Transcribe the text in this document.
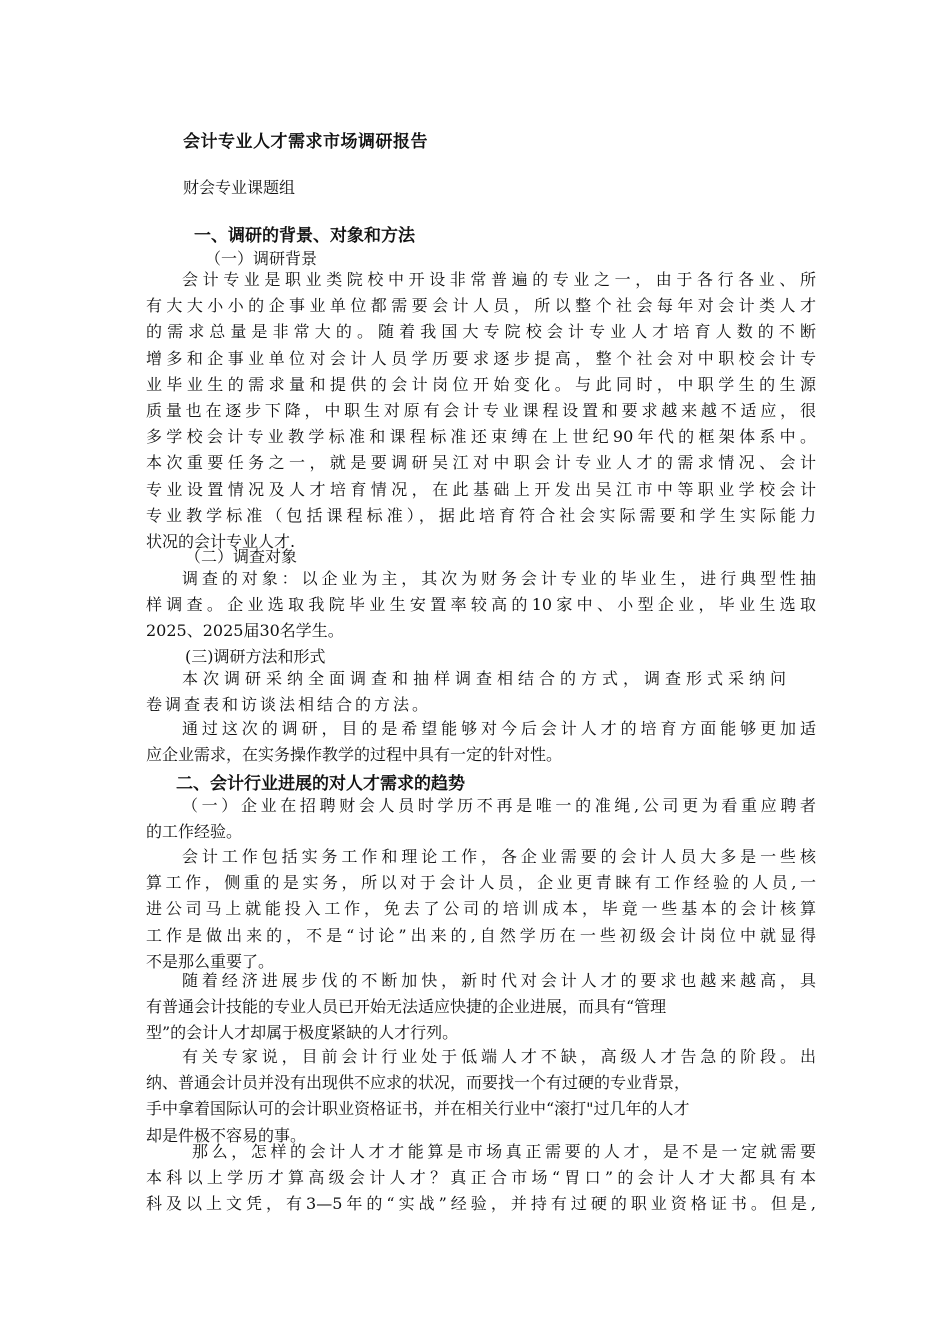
会计专业人才需求市场调研报告
财会专业课题组
一、调研的背景、对象和方法
（一）调研背景
会计专业是职业类院校中开设非常普遍的专业之一，由于各行各业、所
有大大小小的企事业单位都需要会计人员，所以整个社会每年对会计类人才
的需求总量是非常大的。随着我国大专院校会计专业人才培育人数的不断
增多和企事业单位对会计人员学历要求逐步提高，整个社会对中职校会计专
业毕业生的需求量和提供的会计岗位开始变化。与此同时，中职学生的生源
质量也在逐步下降，中职生对原有会计专业课程设置和要求越来越不适应，很
多学校会计专业教学标准和课程标准还束缚在上世纪90年代的框架体系中。
本次重要任务之一，就是要调研吴江对中职会计专业人才的需求情况、会计
专业设置情况及人才培育情况，在此基础上开发出吴江市中等职业学校会计
专业教学标准（包括课程标准），据此培育符合社会实际需要和学生实际能力
状况的会计专业人才.
（二）调查对象
调查的对象：以企业为主，其次为财务会计专业的毕业生，进行典型性抽
样调查。企业选取我院毕业生安置率较高的10家中、小型企业，毕业生选取
2025、2025届30名学生。
(三)调研方法和形式
本次调研采纳全面调查和抽样调查相结合的方式，调查形式采纳问
卷调查表和访谈法相结合的方法。
通过这次的调研，目的是希望能够对今后会计人才的培育方面能够更加适
应企业需求，在实务操作教学的过程中具有一定的针对性。
二、会计行业进展的对人才需求的趋势
（一）企业在招聘财会人员时学历不再是唯一的准绳,公司更为看重应聘者
的工作经验。
会计工作包括实务工作和理论工作，各企业需要的会计人员大多是一些核
算工作，侧重的是实务，所以对于会计人员，企业更青睐有工作经验的人员,一
进公司马上就能投入工作，免去了公司的培训成本，毕竟一些基本的会计核算
工作是做出来的，不是“讨论”出来的,自然学历在一些初级会计岗位中就显得
不是那么重要了。
随着经济进展步伐的不断加快，新时代对会计人才的要求也越来越高，具
有普通会计技能的专业人员已开始无法适应快捷的企业进展，而具有“管理
型”的会计人才却属于极度紧缺的人才行列。
有关专家说，目前会计行业处于低端人才不缺，高级人才告急的阶段。出
纳、普通会计员并没有出现供不应求的状况，而要找一个有过硬的专业背景，
手中拿着国际认可的会计职业资格证书，并在相关行业中“滚打"过几年的人才
却是件极不容易的事。
那么，怎样的会计人才才能算是市场真正需要的人才，是不是一定就需要
本科以上学历才算高级会计人才？真正合市场“胃口”的会计人才大都具有本
科及以上文凭，有3—5年的“实战”经验，并持有过硬的职业资格证书。但是,
